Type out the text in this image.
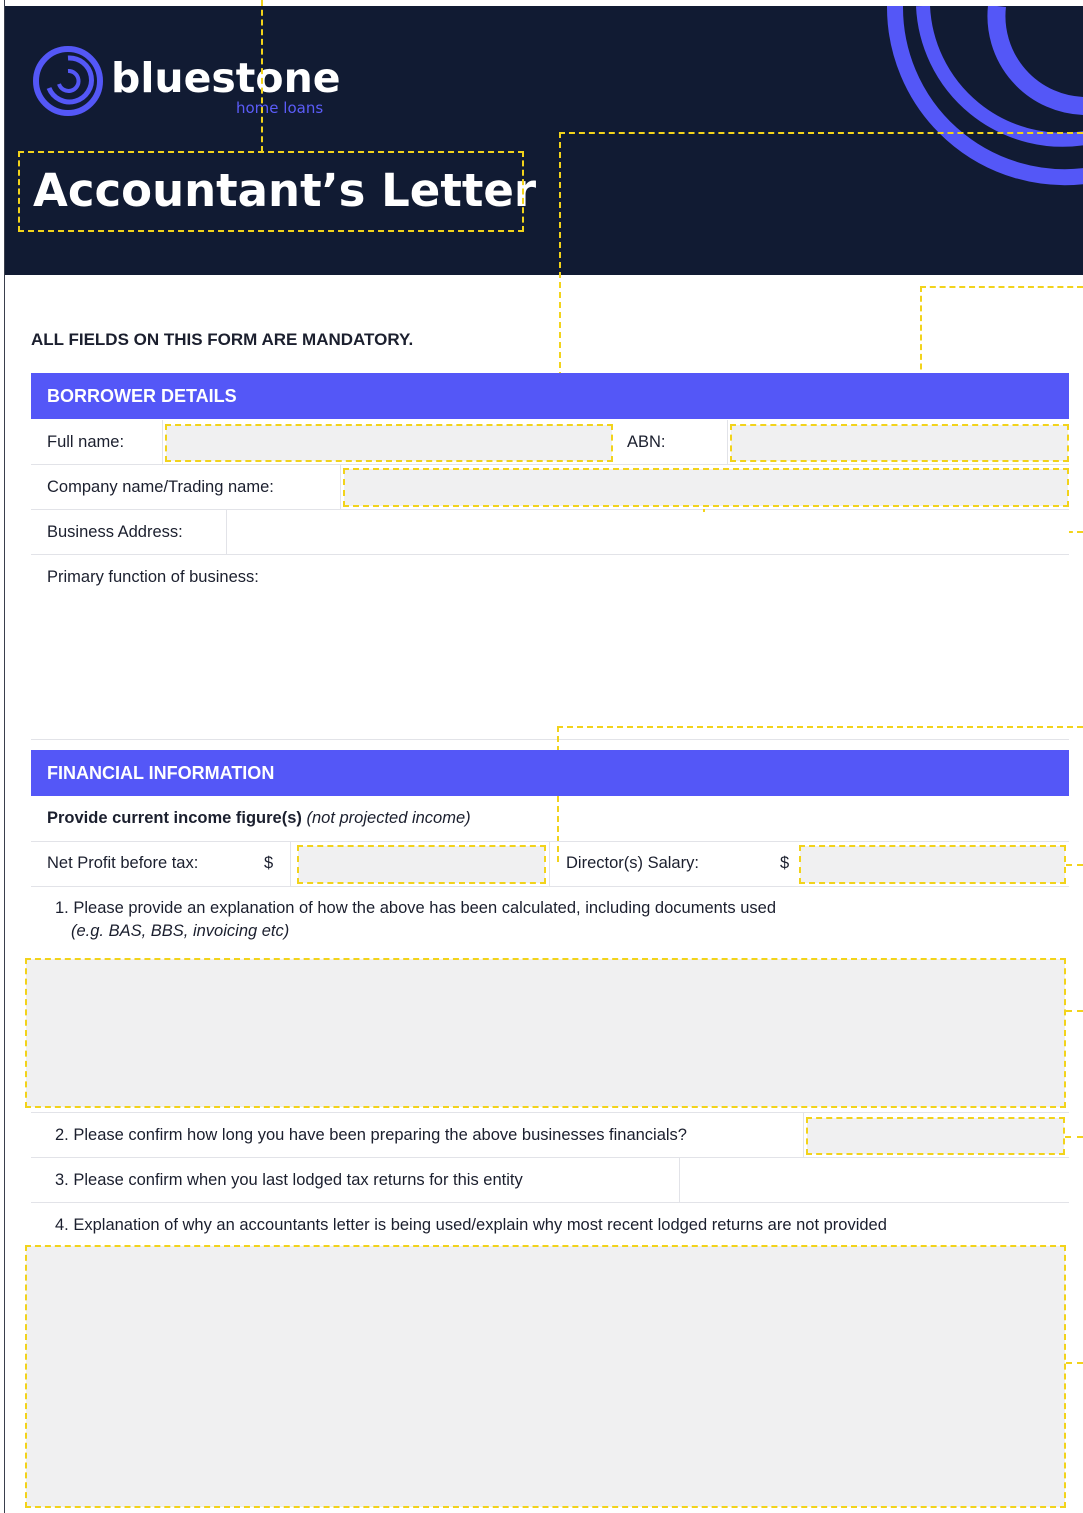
bluestone
home loans
Accountant’s Letter
ALL FIELDS ON THIS FORM ARE MANDATORY.
BORROWER DETAILS
Full name:	ABN:
Company name/Trading name:
Business Address:
Primary function of business:
FINANCIAL INFORMATION
Provide current income figure(s) (not projected income)
Net Profit before tax:	$	Director(s) Salary:	$
1. Please provide an explanation of how the above has been calculated, including documents used
(e.g. BAS, BBS, invoicing etc)
2. Please confirm how long you have been preparing the above businesses financials?
3. Please confirm when you last lodged tax returns for this entity
4. Explanation of why an accountants letter is being used/explain why most recent lodged returns are not provided
